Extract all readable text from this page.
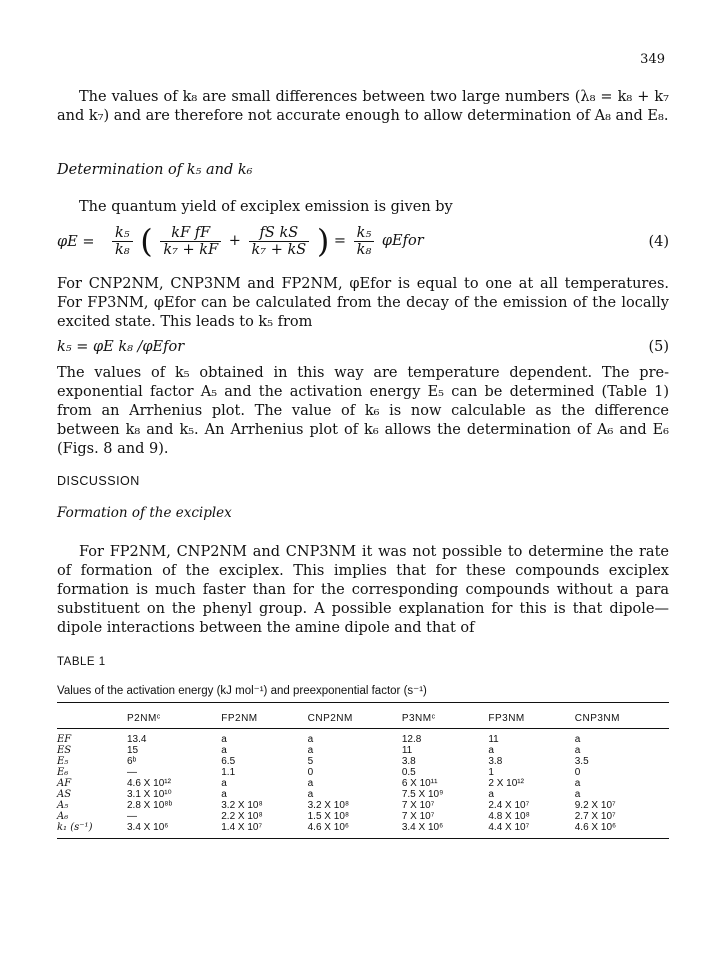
349
The values of k₈ are small differences between two large numbers (λ₈ = k₈ + k₇ and k₇) and are therefore not accurate enough to allow determination of A₈ and E₈.
Determination of k₅ and k₆
The quantum yield of exciplex emission is given by
$\varphi E = \frac{\text{k₅}}{\text{k₈}}$ ( $\frac{\text{kF fF}}{\text{k₇ + kF}} + \frac{\text{fS kS}}{\text{k₇ + kS}}$ ) = $\frac{\text{k₅}}{\text{k₈}}$ φEfor	(4)
For CNP2NM, CNP3NM and FP2NM, φEfor is equal to one at all temperatures. For FP3NM, φEfor can be calculated from the decay of the emission of the locally excited state. This leads to k₅ from
k₅ = φE k₈ /φEfor	(5)
The values of k₅ obtained in this way are temperature dependent. The pre-exponential factor A₅ and the activation energy E₅ can be determined (Table 1) from an Arrhenius plot. The value of k₆ is now calculable as the difference between k₈ and k₅. An Arrhenius plot of k₆ allows the determination of A₆ and E₆ (Figs. 8 and 9).
DISCUSSION
Formation of the exciplex
For FP2NM, CNP2NM and CNP3NM it was not possible to determine the rate of formation of the exciplex. This implies that for these compounds exciplex formation is much faster than for the corresponding compounds without a para substituent on the phenyl group. A possible explanation for this is that dipole—dipole interactions between the amine dipole and that of
TABLE 1
Values of the activation energy (kJ mol⁻¹) and preexponential factor (s⁻¹)
	P2NMᶜ	FP2NM	CNP2NM	P3NMᶜ	FP3NM	CNP3NM
EF	13.4	a	a	12.8	11	a
ES	15	a	a	11	a	a
E₅	6ᵇ	6.5	5	3.8	3.8	3.5
E₆	—	1.1	0	0.5	1	0
AF	4.6 X 10¹²	a	a	6 X 10¹¹	2 X 10¹²	a
AS	3.1 X 10¹⁰	a	a	7.5 X 10⁹	a	a
A₅	2.8 X 10⁸ᵇ	3.2 X 10⁸	3.2 X 10⁸	7 X 10⁷	2.4 X 10⁷	9.2 X 10⁷
A₆	—	2.2 X 10⁸	1.5 X 10⁸	7 X 10⁷	4.8 X 10⁸	2.7 X 10⁷
k₁ (s⁻¹)	3.4 X 10⁶	1.4 X 10⁷	4.6 X 10⁶	3.4 X 10⁶	4.4 X 10⁷	4.6 X 10⁶
